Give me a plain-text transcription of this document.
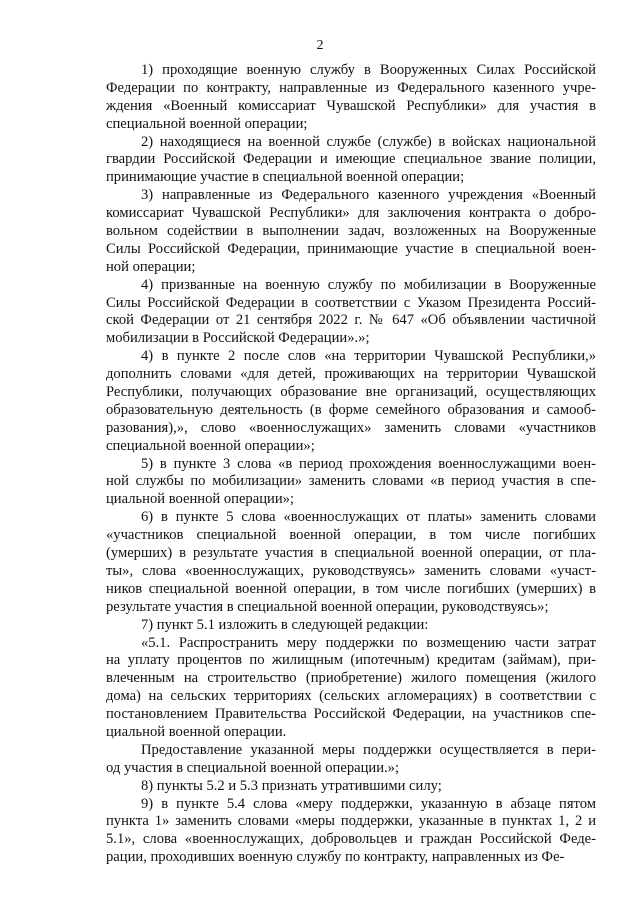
2
1) проходящие военную службу в Вооруженных Силах Российской
Федерации по контракту, направленные из Федерального казенного учре-
ждения «Военный комиссариат Чувашской Республики» для участия в
специальной военной операции;
2) находящиеся на военной службе (службе) в войсках национальной
гвардии Российской Федерации и имеющие специальное звание полиции,
принимающие участие в специальной военной операции;
3) направленные из Федерального казенного учреждения «Военный
комиссариат Чувашской Республики» для заключения контракта о добро-
вольном содействии в выполнении задач, возложенных на Вооруженные
Силы Российской Федерации, принимающие участие в специальной воен-
ной операции;
4) призванные на военную службу по мобилизации в Вооруженные
Силы Российской Федерации в соответствии с Указом Президента Россий-
ской Федерации от 21 сентября 2022 г. № 647 «Об объявлении частичной
мобилизации в Российской Федерации».»;
4) в пункте 2 после слов «на территории Чувашской Республики,»
дополнить словами «для детей, проживающих на территории Чувашской
Республики, получающих образование вне организаций, осуществляющих
образовательную деятельность (в форме семейного образования и самооб-
разования),», слово «военнослужащих» заменить словами «участников
специальной военной операции»;
5) в пункте 3 слова «в период прохождения военнослужащими воен-
ной службы по мобилизации» заменить словами «в период участия в спе-
циальной военной операции»;
6) в пункте 5 слова «военнослужащих от платы» заменить словами
«участников специальной военной операции, в том числе погибших
(умерших) в результате участия в специальной военной операции, от пла-
ты», слова «военнослужащих, руководствуясь» заменить словами «участ-
ников специальной военной операции, в том числе погибших (умерших) в
результате участия в специальной военной операции, руководствуясь»;
7) пункт 5.1 изложить в следующей редакции:
«5.1. Распространить меру поддержки по возмещению части затрат
на уплату процентов по жилищным (ипотечным) кредитам (займам), при-
влеченным на строительство (приобретение) жилого помещения (жилого
дома) на сельских территориях (сельских агломерациях) в соответствии с
постановлением Правительства Российской Федерации, на участников спе-
циальной военной операции.
Предоставление указанной меры поддержки осуществляется в пери-
од участия в специальной военной операции.»;
8) пункты 5.2 и 5.3 признать утратившими силу;
9) в пункте 5.4 слова «меру поддержки, указанную в абзаце пятом
пункта 1» заменить словами «меры поддержки, указанные в пунктах 1, 2 и
5.1», слова «военнослужащих, добровольцев и граждан Российской Феде-
рации, проходивших военную службу по контракту, направленных из Фе-
